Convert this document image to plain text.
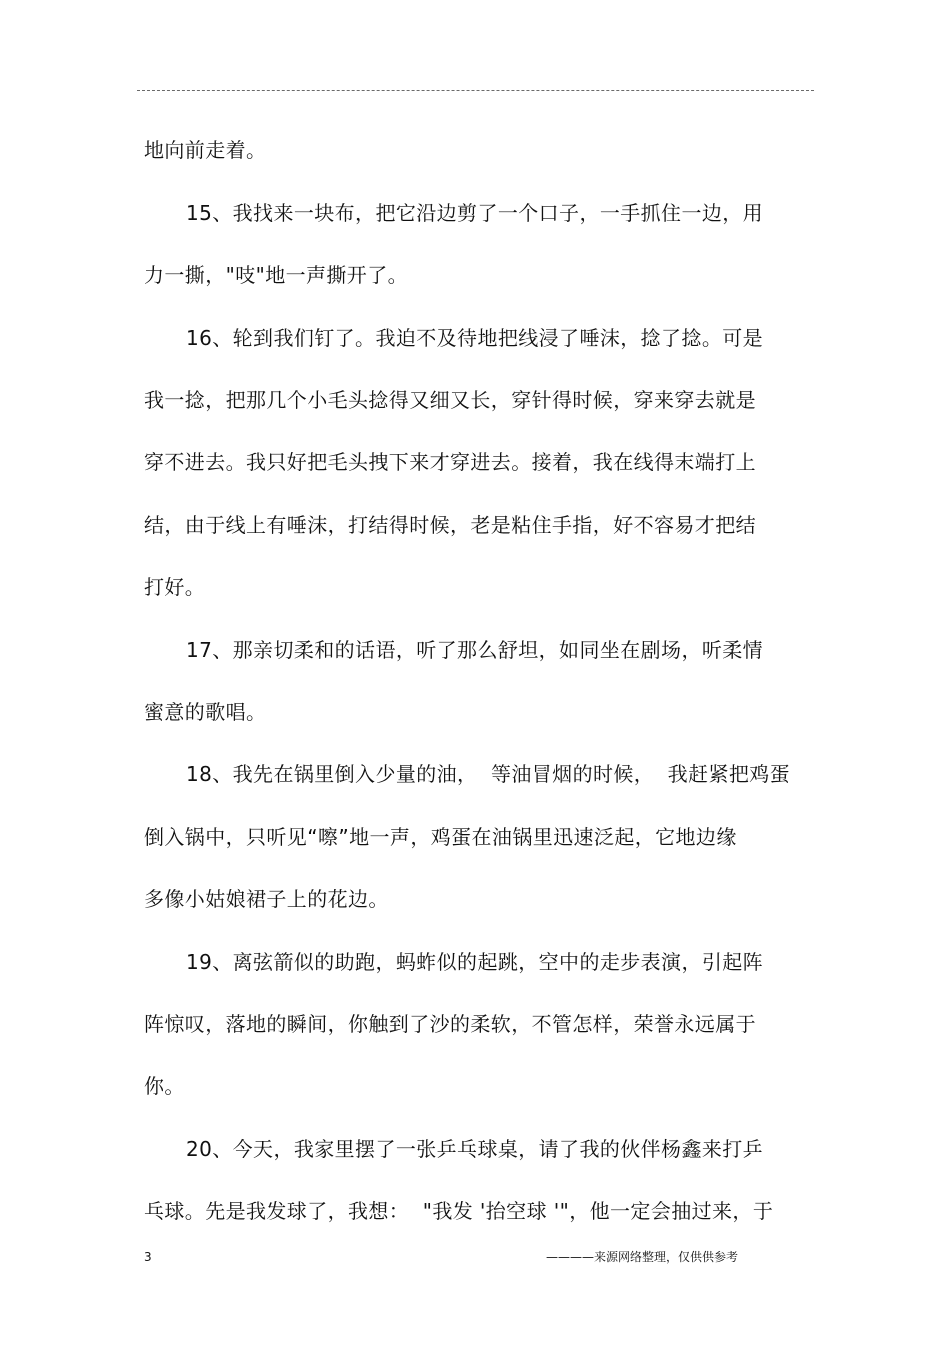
地向前走着。
15、我找来一块布，把它沿边剪了一个口子，一手抓住一边，用
力一撕，"吱"地一声撕开了。
16、轮到我们钉了。我迫不及待地把线浸了唾沫，捻了捻。可是
我一捻，把那几个小毛头捻得又细又长，穿针得时候，穿来穿去就是
穿不进去。我只好把毛头拽下来才穿进去。接着，我在线得末端打上
结，由于线上有唾沫，打结得时候，老是粘住手指，好不容易才把结
打好。
17、那亲切柔和的话语，听了那么舒坦，如同坐在剧场，听柔情
蜜意的歌唱。
18、我先在锅里倒入少量的油，  等油冒烟的时候，  我赶紧把鸡蛋
倒入锅中，只听见“嚓”地一声，鸡蛋在油锅里迅速泛起，它地边缘
多像小姑娘裙子上的花边。
19、离弦箭似的助跑，蚂蚱似的起跳，空中的走步表演，引起阵
阵惊叹，落地的瞬间，你触到了沙的柔软，不管怎样，荣誉永远属于
你。
20、今天，我家里摆了一张乒乓球桌，请了我的伙伴杨鑫来打乒
乓球。先是我发球了，我想：  "我发 '抬空球 '"，他一定会抽过来，于
3	————来源网络整理，仅供供参考
